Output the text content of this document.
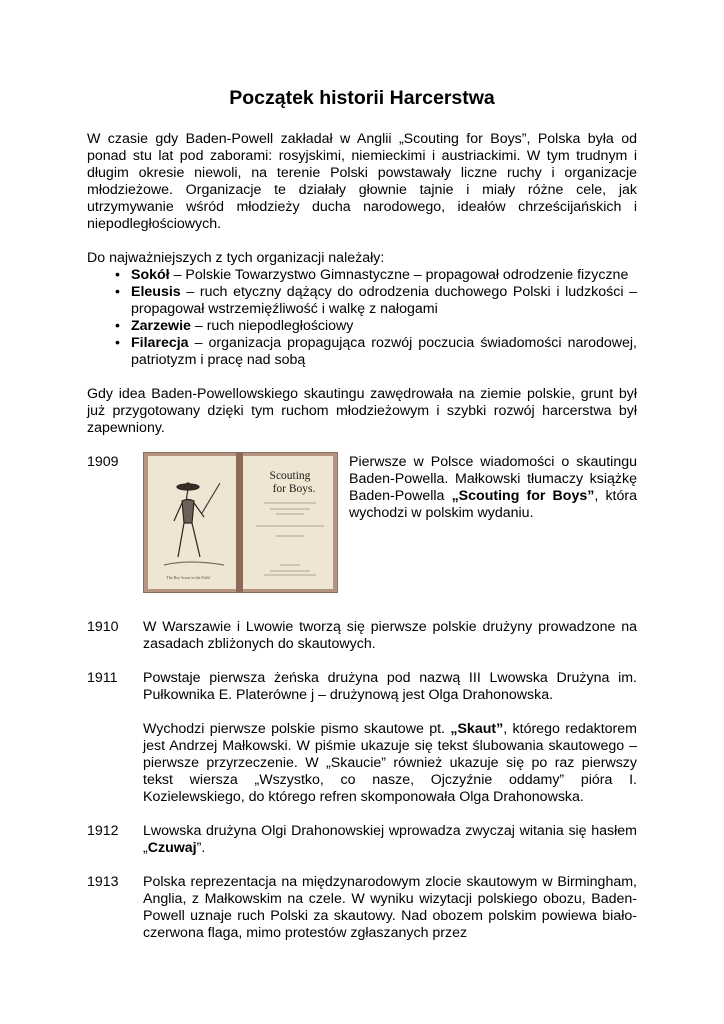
Początek historii Harcerstwa

W czasie gdy Baden-Powell zakładał w Anglii „Scouting for Boys”, Polska była od ponad stu lat pod zaborami: rosyjskimi, niemieckimi i austriackimi. W tym trudnym i długim okresie niewoli, na terenie Polski powstawały liczne ruchy i organizacje młodzieżowe. Organizacje te działały głownie tajnie i miały różne cele, jak utrzymywanie wśród młodzieży ducha narodowego, ideałów chrześcijańskich i niepodległościowych.

Do najważniejszych z tych organizacji należały:

• Sokół – Polskie Towarzystwo Gimnastyczne – propagował odrodzenie fizyczne
• Eleusis – ruch etyczny dążący do odrodzenia duchowego Polski i ludzkości – propagował wstrzemięźliwość i walkę z nałogami
• Zarzewie – ruch niepodległościowy
• Filarecja – organizacja propagująca rozwój poczucia świadomości narodowej, patriotyzm i pracę nad sobą

Gdy idea Baden-Powellowskiego skautingu zawędrowała na ziemie polskie, grunt był już przygotowany dzięki tym ruchom młodzieżowym i szybki rozwój harcerstwa był zapewniony.

1909
The Boy Scout in the Field
Scouting
for Boys.

Pierwsze w Polsce wiadomości o skautingu Baden-Powella. Małkowski tłumaczy książkę Baden-Powella „Scouting for Boys”, która wychodzi w polskim wydaniu.

1910 W Warszawie i Lwowie tworzą się pierwsze polskie drużyny prowadzone na zasadach zbliżonych do skautowych.

1911 Powstaje pierwsza żeńska drużyna pod nazwą III Lwowska Drużyna im. Pułkownika E. Platerówne j – drużynową jest Olga Drahonowska.

Wychodzi pierwsze polskie pismo skautowe pt. „Skaut”, którego redaktorem jest Andrzej Małkowski. W piśmie ukazuje się tekst ślubowania skautowego – pierwsze przyrzeczenie. W „Skaucie” również ukazuje się po raz pierwszy tekst wiersza „Wszystko, co nasze, Ojczyźnie oddamy” pióra I. Kozielewskiego, do którego refren skomponowała Olga Drahonowska.

1912 Lwowska drużyna Olgi Drahonowskiej wprowadza zwyczaj witania się hasłem „Czuwaj”.

1913 Polska reprezentacja na międzynarodowym zlocie skautowym w Birmingham, Anglia, z Małkowskim na czele. W wyniku wizytacji polskiego obozu, Baden-Powell uznaje ruch Polski za skautowy. Nad obozem polskim powiewa biało-czerwona flaga, mimo protestów zgłaszanych przez
